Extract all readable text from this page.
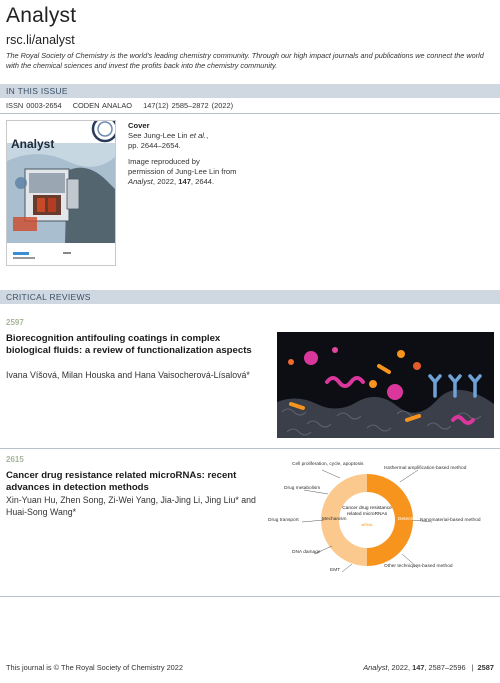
Analyst
rsc.li/analyst
The Royal Society of Chemistry is the world's leading chemistry community. Through our high impact journals and publications we connect the world with the chemical sciences and invest the profits back into the chemistry community.
IN THIS ISSUE
ISSN 0003-2654 CODEN ANALAO 147(12) 2585–2872 (2022)
Analyst

Cover
See Jung-Lee Lin et al.,
pp. 2644–2654.

Image reproduced by permission of Jung-Lee Lin from Analyst, 2022, 147, 2644.

CRITICAL REVIEWS
2597
Biorecognition antifouling coatings in complex biological fluids: a review of functionalization aspects
Ivana Víšová, Milan Houska and Hana Vaisocherová-Lísalová*
2615
Cancer drug resistance related microRNAs: recent advances in detection methods
Xin-Yuan Hu, Zhen Song, Zi-Wei Yang, Jia-Jing Li, Jing Liu* and Huai-Song Wang*	Cancer drug resistance related microRNAs
siRNA
Mechanism	Detection
Cell proliferation, cycle, apoptosis
Drug metabolism
Drug transport
DNA damage
EMT
Isothermal amplification-based method
Nanomaterial-based method
Other techniques-based method
This journal is © The Royal Society of Chemistry 2022	Analyst, 2022, 147, 2587–2596 | 2587
